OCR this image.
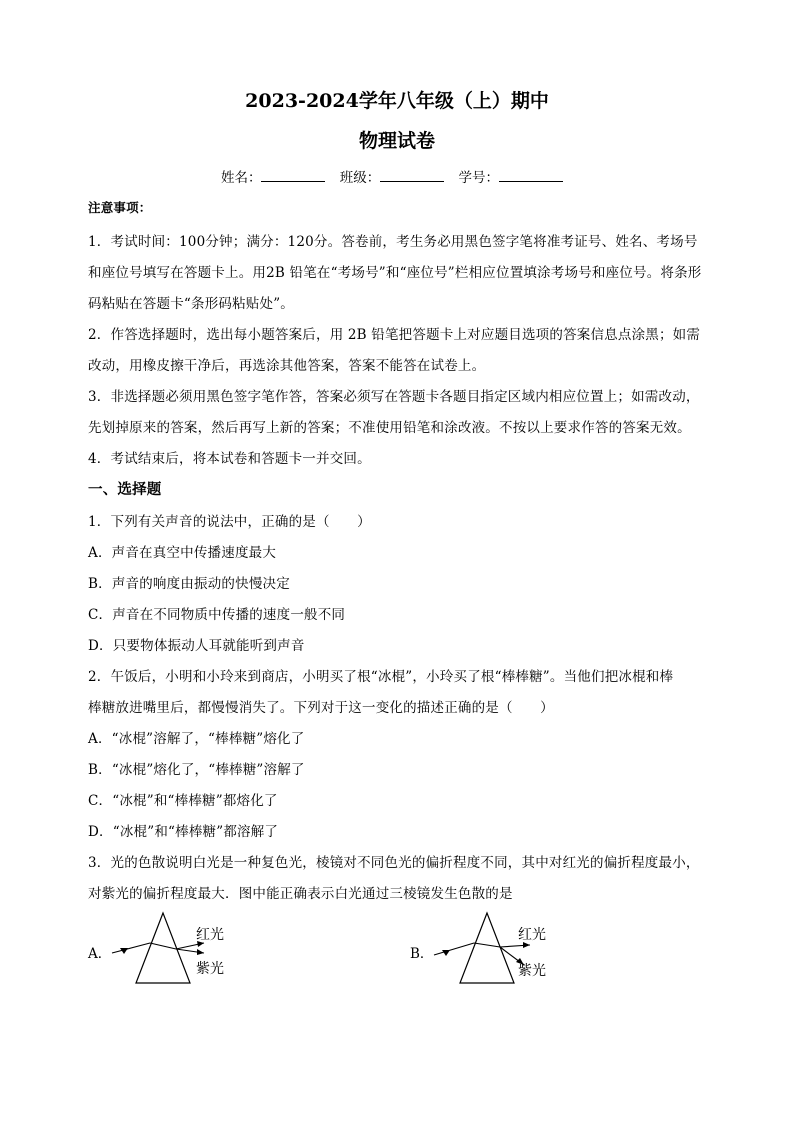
2023-2024学年八年级（上）期中
物理试卷
姓名：	班级：	学号：
注意事项：
1．考试时间：100分钟；满分：120分。答卷前，考生务必用黑色签字笔将准考证号、姓名、考场号
和座位号填写在答题卡上。用2B 铅笔在“考场号”和“座位号”栏相应位置填涂考场号和座位号。将条形
码粘贴在答题卡“条形码粘贴处”。
2．作答选择题时，选出每小题答案后，用 2B 铅笔把答题卡上对应题目选项的答案信息点涂黑；如需
改动，用橡皮擦干净后，再选涂其他答案，答案不能答在试卷上。
3．非选择题必须用黑色签字笔作答，答案必须写在答题卡各题目指定区域内相应位置上；如需改动，
先划掉原来的答案，然后再写上新的答案；不准使用铅笔和涂改液。不按以上要求作答的答案无效。
4．考试结束后，将本试卷和答题卡一并交回。
一、选择题
1．下列有关声音的说法中，正确的是（　　）
A．声音在真空中传播速度最大
B．声音的响度由振动的快慢决定
C．声音在不同物质中传播的速度一般不同
D．只要物体振动人耳就能听到声音
2．午饭后，小明和小玲来到商店，小明买了根“冰棍”，小玲买了根“棒棒糖”。当他们把冰棍和棒
棒糖放进嘴里后，都慢慢消失了。下列对于这一变化的描述正确的是（　　）
A．“冰棍”溶解了，“棒棒糖”熔化了
B．“冰棍”熔化了，“棒棒糖”溶解了
C．“冰棍”和“棒棒糖”都熔化了
D．“冰棍”和“棒棒糖”都溶解了
3．光的色散说明白光是一种复色光，棱镜对不同色光的偏折程度不同，其中对红光的偏折程度最小，
对紫光的偏折程度最大．图中能正确表示白光通过三棱镜发生色散的是
A．
红光
紫光
B．
红光
紫光
